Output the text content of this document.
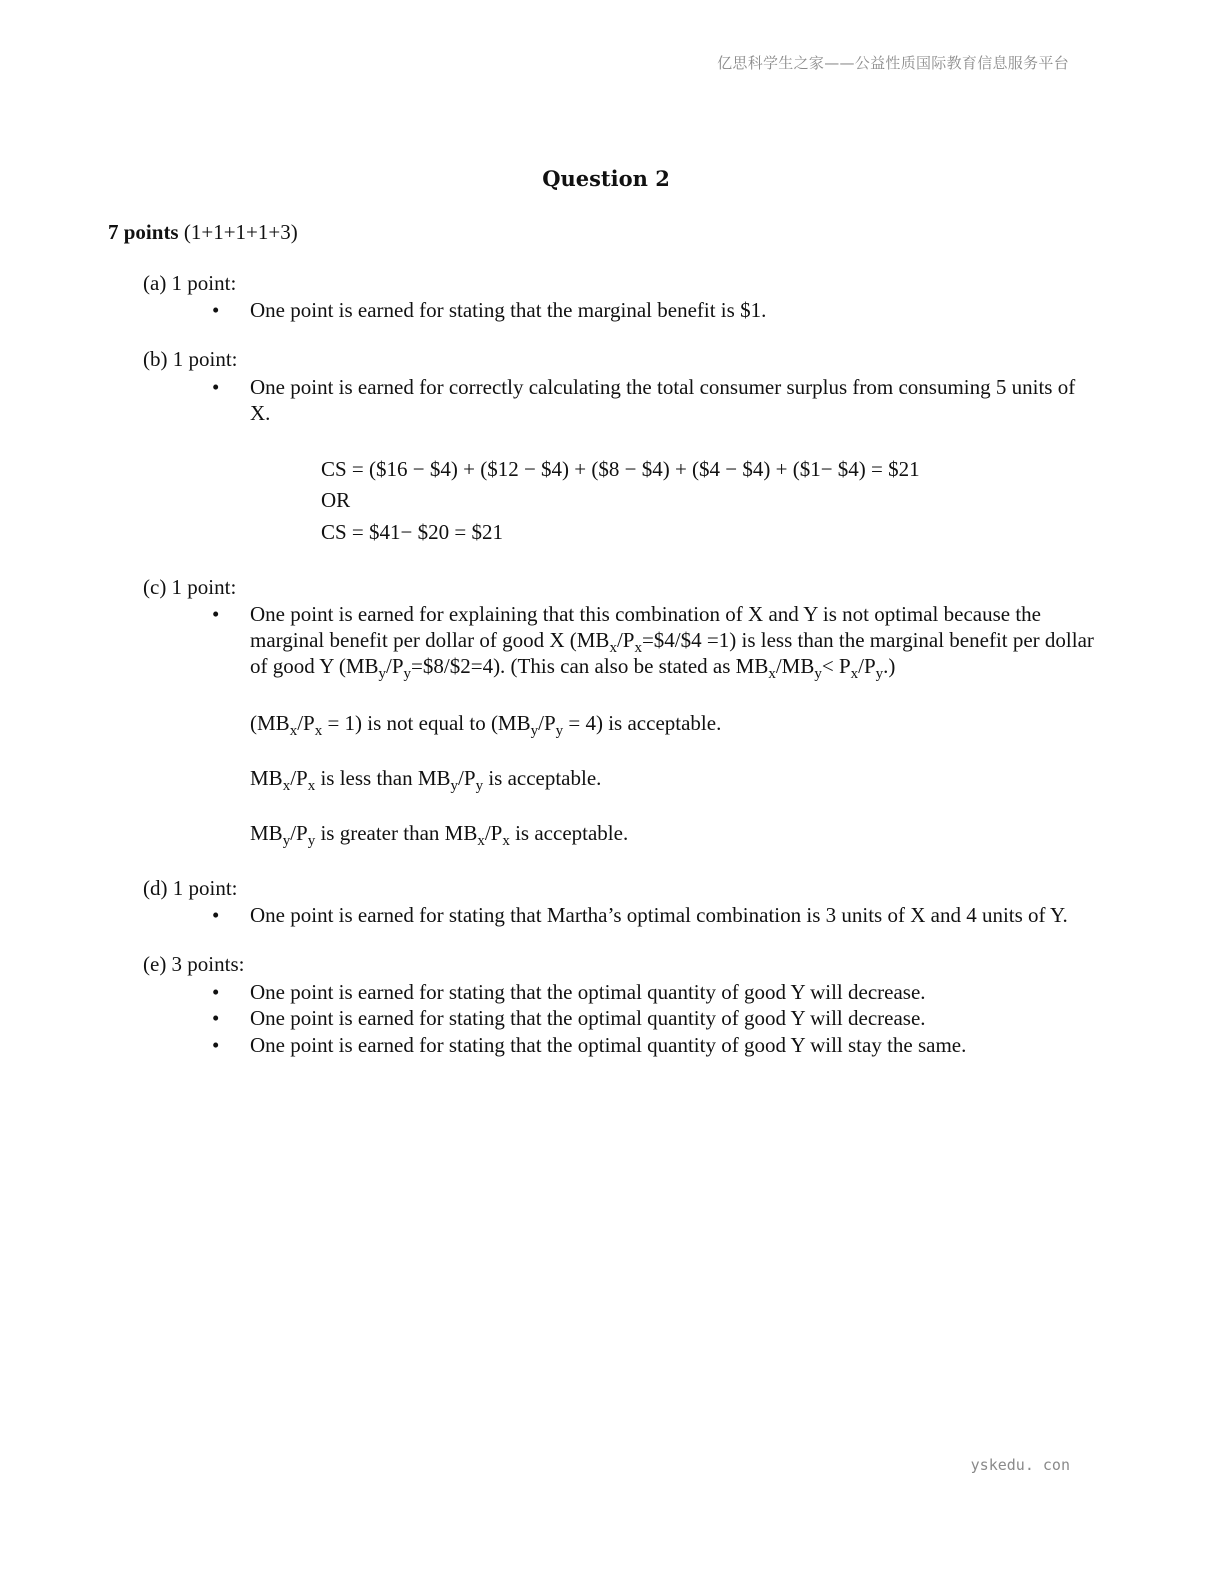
亿思科学生之家——公益性质国际教育信息服务平台
Question 2
7 points (1+1+1+1+3)
(a) 1 point:
• One point is earned for stating that the marginal benefit is $1.
(b) 1 point:
• One point is earned for correctly calculating the total consumer surplus from consuming 5 units of X.
CS = ($16 − $4) + ($12 − $4) + ($8 − $4) + ($4 − $4) + ($1− $4) = $21
OR
CS = $41− $20 = $21
(c) 1 point:
• One point is earned for explaining that this combination of X and Y is not optimal because the marginal benefit per dollar of good X $(MB_x/P_x=\$4/\$4 =1)$ is less than the marginal benefit per dollar of good Y $(MB_y/P_y=\$8/\$2=4)$. (This can also be stated as $MB_x/MB_y< P_x/P_y$.)
$(MB_x/P_x = 1)$ is not equal to $(MB_y/P_y = 4)$ is acceptable.
$MB_x/P_x$ is less than $MB_y/P_y$ is acceptable.
$MB_y/P_y$ is greater than $MB_x/P_x$ is acceptable.
(d) 1 point:
• One point is earned for stating that Martha’s optimal combination is 3 units of X and 4 units of Y.
(e) 3 points:
• One point is earned for stating that the optimal quantity of good Y will decrease.
• One point is earned for stating that the optimal quantity of good Y will decrease.
• One point is earned for stating that the optimal quantity of good Y will stay the same.
yskedu. con
